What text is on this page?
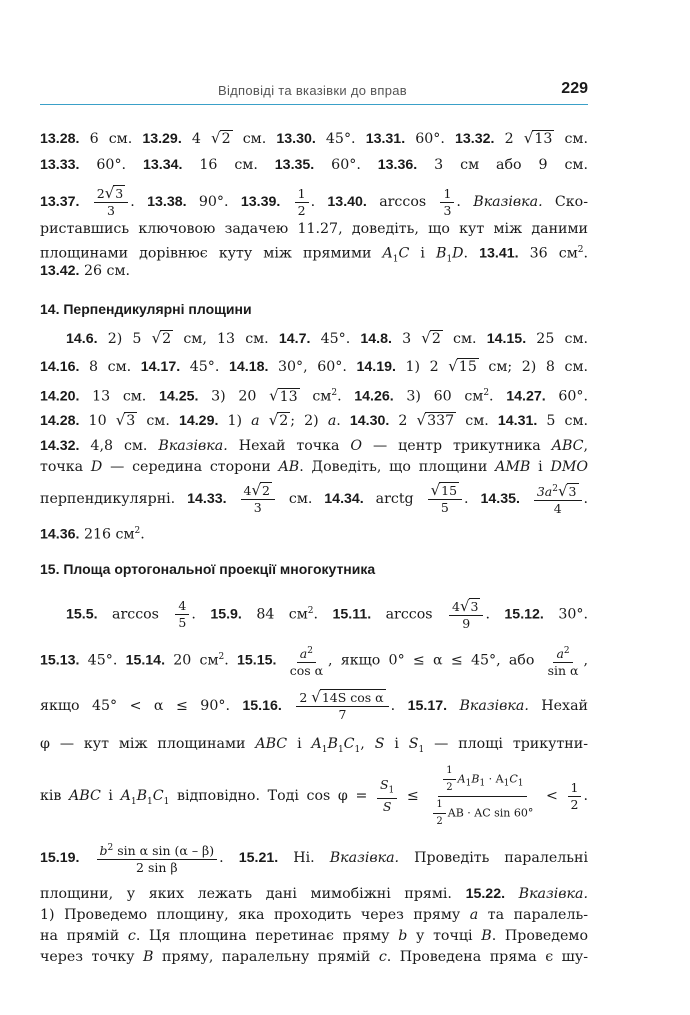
Відповіді та вказівки до вправ	229
13.28. 6 см. 13.29. 4 √2 см. 13.30. 45°. 13.31. 60°. 13.32. 2 √13 см.
13.33. 60°. 13.34. 16 см. 13.35. 60°. 13.36. 3 см або 9 см.
13.37. $\frac{2√3}{3}$ . 13.38. 90°. 13.39. $\frac{1}{2}$ . 13.40. $\arccos \frac{1}{3}$ . Вказівка. Ско-
риставшись ключовою задачею 11.27, доведіть, що кут між даними
площинами дорівнює куту між прямими $A_1C$ і $B_1D$. 13.41. 36 $см^2$.
13.42. 26 см.
14. Перпендикулярні площини
14.6. 2) 5 √2 см, 13 см. 14.7. 45°. 14.8. 3 √2 см. 14.15. 25 см.
14.16. 8 см. 14.17. 45°. 14.18. 30°, 60°. 14.19. 1) 2 √15 см; 2) 8 см.
14.20. 13 см. 14.25. 3) 20 √13 $см^2$. 14.26. 3) 60 $см^2$. 14.27. 60°.
14.28. 10 √3 см. 14.29. 1) a √2 ; 2) a. 14.30. 2 √337 см. 14.31. 5 см.
14.32. 4,8 см. Вказівка. Нехай точка O — центр трикутника ABC,
точка D — середина сторони AB. Доведіть, що площини AMB і DMO
перпендикулярні. 14.33. $\frac{4√2}{3}$ см. 14.34. arctg $\frac{√15}{5}$ . 14.35. $\frac{3a^2√3}{4}$ .
14.36. 216 $см^2$.
15. Площа ортогональної проекції многокутника
15.5. $\arccos \frac{4}{5}$ . 15.9. 84 $см^2$. 15.11. $\arccos \frac{4√3}{9}$ . 15.12. 30°.
15.13. 45°. 15.14. 20 $см^2$. 15.15. $\frac{a^2}{\text{cos α}}$ , якщо 0° ≤ α ≤ 45°, або $\frac{a^2}{\text{sin α}}$ ,
якщо 45° < α ≤ 90°. 15.16. $\frac{\text{2 √14S cos α}}{7}$ . 15.17. Вказівка. Нехай
φ — кут між площинами ABC і $A_1B_1C_1$, S і $S_1$ — площі трикутни-
ків ABC і $A_1B_1C_1$ відповідно. Тоді $\cos \varphi = \frac{S_1}{S} \le \frac{\frac{1}{2} A_1B_1 \cdot A_1C_1}{\frac{1}{2} AB \cdot AC \sin 60^\circ} < \frac{1}{2}$ .
15.19. $\frac{b^2 \sin \alpha \sin (\alpha - \beta)}{\text{2 sin β}}$ . 15.21. Ні. Вказівка. Проведіть паралельні
площини, у яких лежать дані мимобіжні прямі. 15.22. Вказівка.
1) Проведемо площину, яка проходить через пряму a та паралель-
на прямій c. Ця площина перетинає пряму b у точці B. Проведемо
через точку B пряму, паралельну прямій c. Проведена пряма є шу-
